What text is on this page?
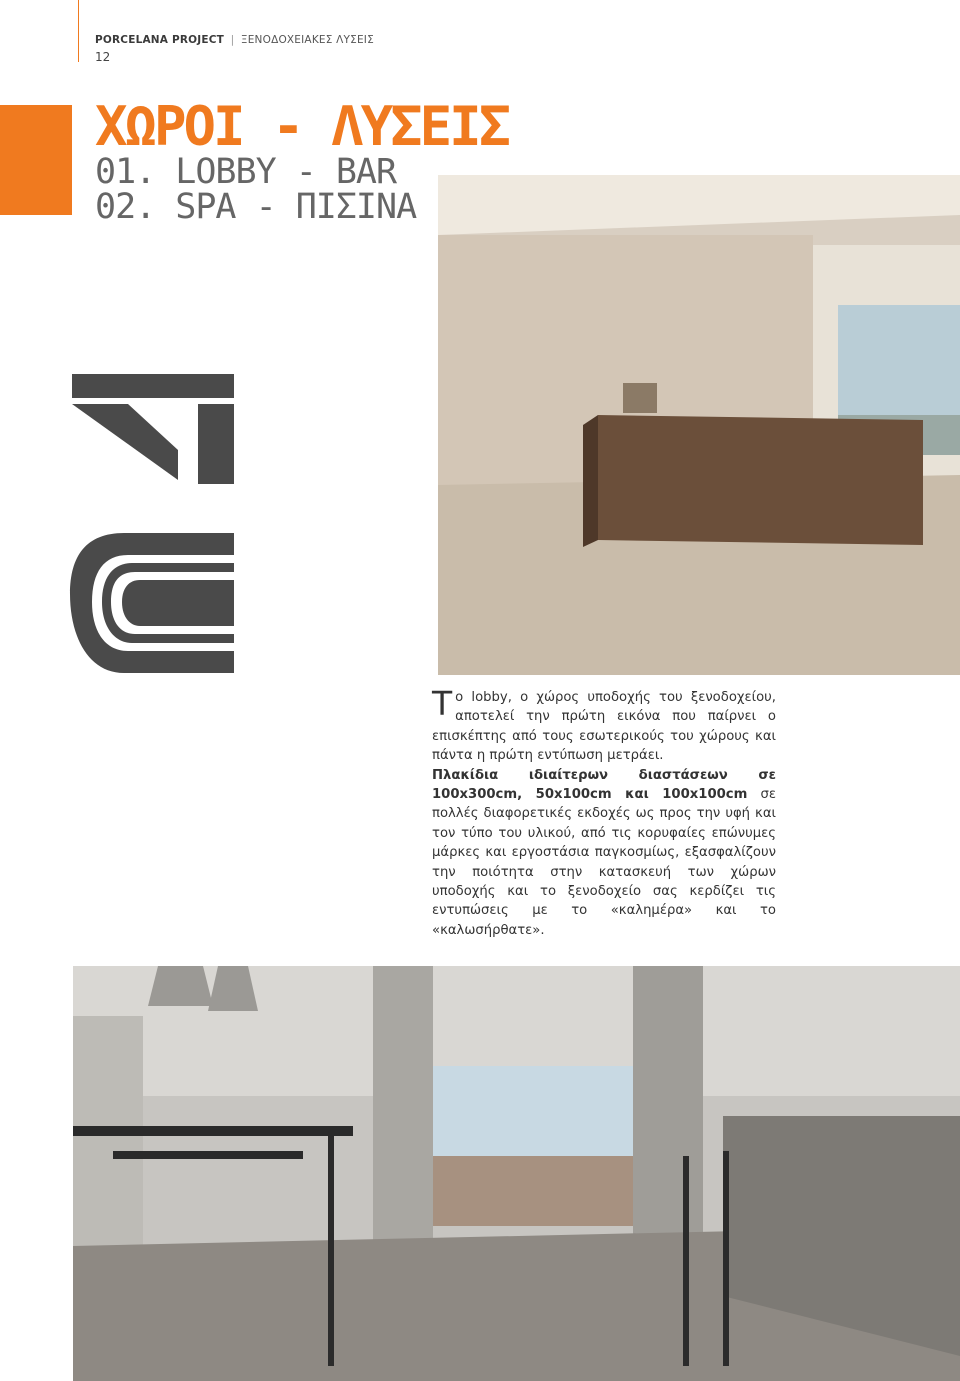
PORCELANA PROJECT | ΞΕΝΟΔΟΧΕΙΑΚΕΣ ΛΥΣΕΙΣ
12
ΧΩΡΟΙ - ΛΥΣΕΙΣ
01. LOBBY - BAR
02. SPA - ΠΙΣΙΝΑ
Το lobby, ο χώρος υποδοχής του ξενοδοχείου, αποτελεί την πρώτη εικόνα που παίρνει ο επισκέπτης από τους εσωτερικούς του χώρους και πάντα η πρώτη εντύπωση μετράει.
Πλακίδια ιδιαίτερων διαστάσεων σε 100x300cm, 50x100cm και 100x100cm σε πολλές διαφορετικές εκδοχές ως προς την υφή και τον τύπο του υλικού, από τις κορυφαίες επώνυμες μάρκες και εργοστάσια παγκοσμίως, εξασφαλίζουν την ποιότητα στην κατασκευή των χώρων υποδοχής και το ξενοδοχείο σας κερδίζει τις εντυπώσεις με το «καλημέρα» και το «καλωσήρθατε».
